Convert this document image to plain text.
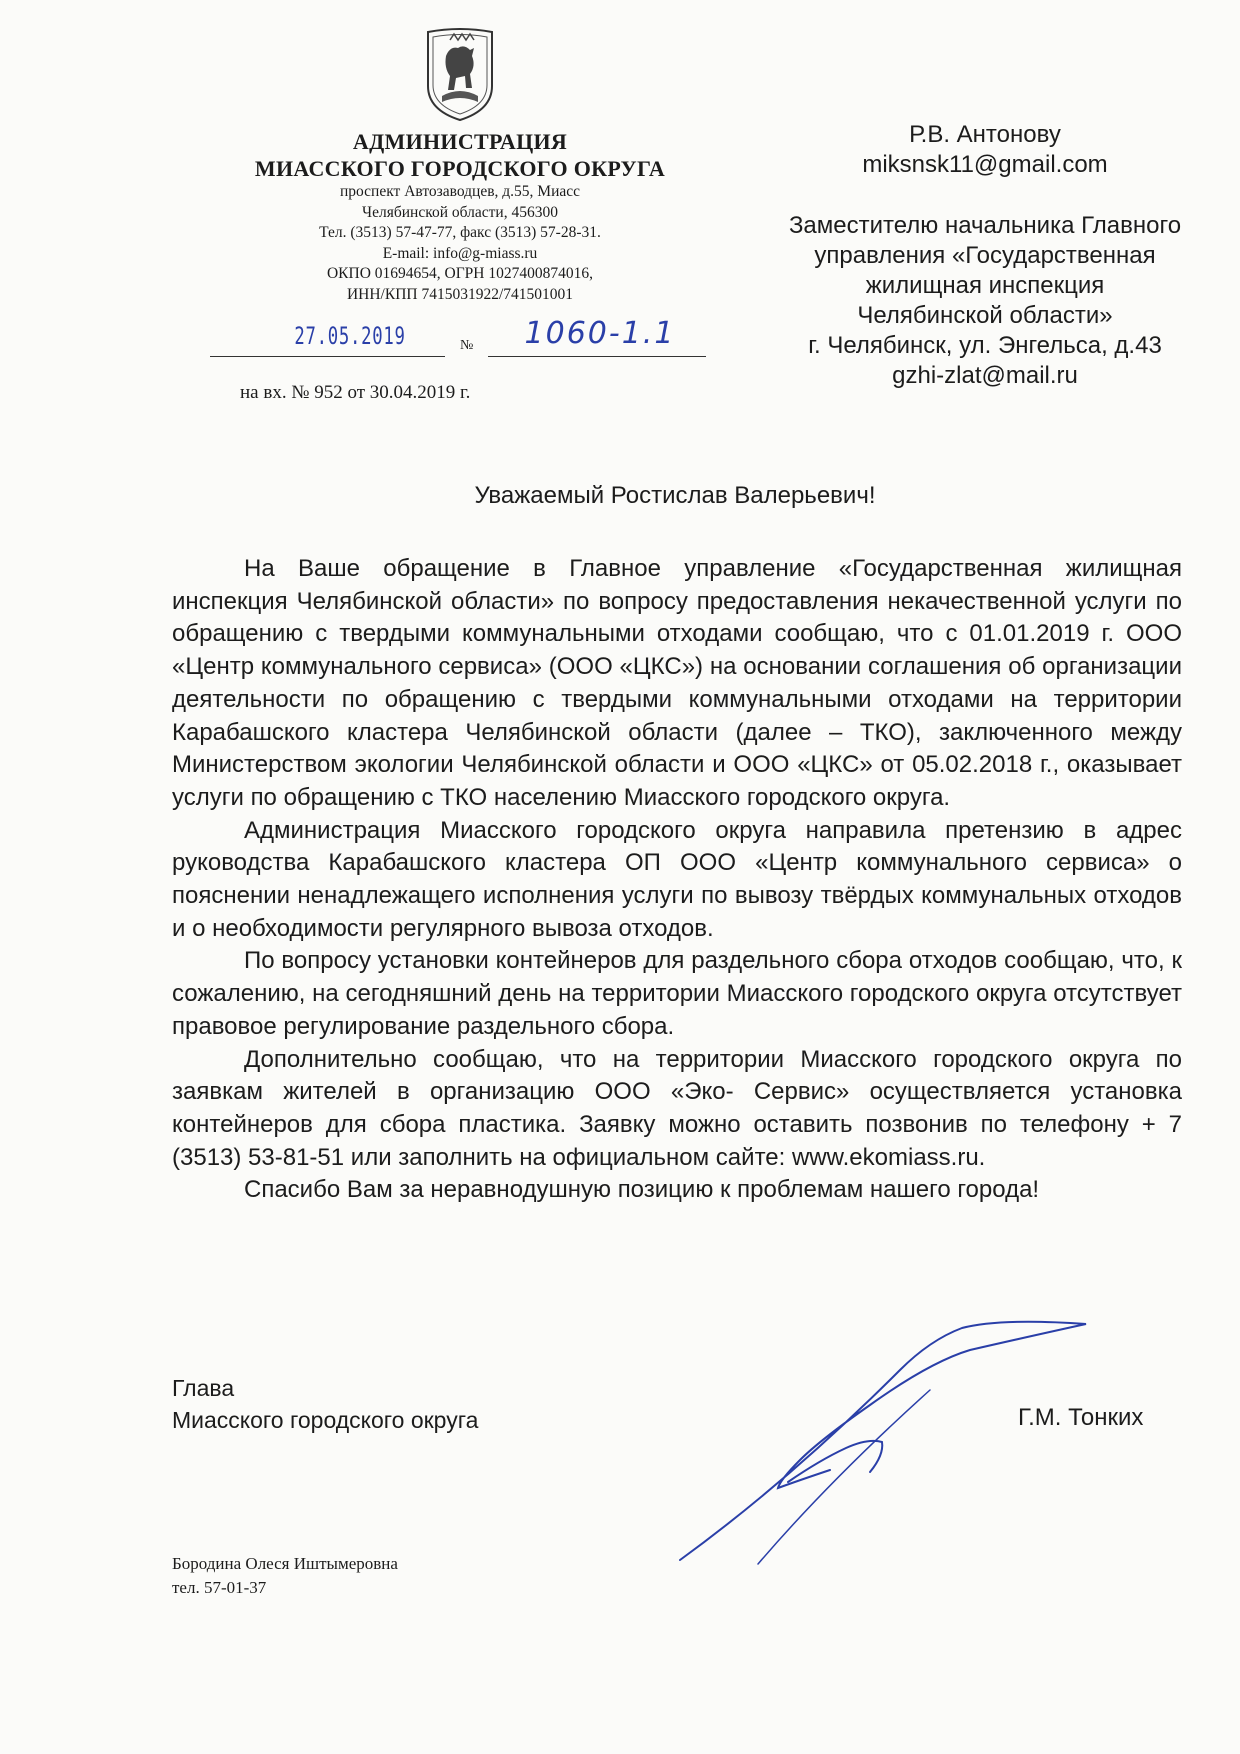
АДМИНИСТРАЦИЯ
МИАССКОГО ГОРОДСКОГО ОКРУГА
проспект Автозаводцев, д.55, Миасс
Челябинской области, 456300
Тел. (3513) 57-47-77, факс (3513) 57-28-31.
E-mail: info@g-miass.ru
ОКПО 01694654, ОГРН 1027400874016,
ИНН/КПП 7415031922/741501001
27.05.2019	№	1060-1.1
на вх. № 952 от 30.04.2019 г.
Р.В. Антонову
miksnsk11@gmail.com
Заместителю начальника Главного
управления «Государственная
жилищная инспекция
Челябинской области»
г. Челябинск, ул. Энгельса, д.43
gzhi-zlat@mail.ru
Уважаемый Ростислав Валерьевич!

На Ваше обращение в Главное управление «Государственная жилищная инспекция Челябинской области» по вопросу предоставления некачественной услуги по обращению с твердыми коммунальными отходами сообщаю, что с 01.01.2019 г. ООО «Центр коммунального сервиса» (ООО «ЦКС») на основании соглашения об организации деятельности по обращению с твердыми коммунальными отходами на территории Карабашского кластера Челябинской области (далее – ТКО), заключенного между Министерством экологии Челябинской области и ООО «ЦКС» от 05.02.2018 г., оказывает услуги по обращению с ТКО населению Миасского городского округа.

Администрация Миасского городского округа направила претензию в адрес руководства Карабашского кластера ОП ООО «Центр коммунального сервиса» о пояснении ненадлежащего исполнения услуги по вывозу твёрдых коммунальных отходов и о необходимости регулярного вывоза отходов.

По вопросу установки контейнеров для раздельного сбора отходов сообщаю, что, к сожалению, на сегодняшний день на территории Миасского городского округа отсутствует правовое регулирование раздельного сбора.

Дополнительно сообщаю, что на территории Миасского городского округа по заявкам жителей в организацию ООО «Эко- Сервис» осуществляется установка контейнеров для сбора пластика. Заявку можно оставить позвонив по телефону + 7 (3513) 53-81-51 или заполнить на официальном сайте: www.ekomiass.ru.

Спасибо Вам за неравнодушную позицию к проблемам нашего города!

Глава
Миасского городского округа	Г.М. Тонких
Бородина Олеся Иштымеровна
тел. 57-01-37
